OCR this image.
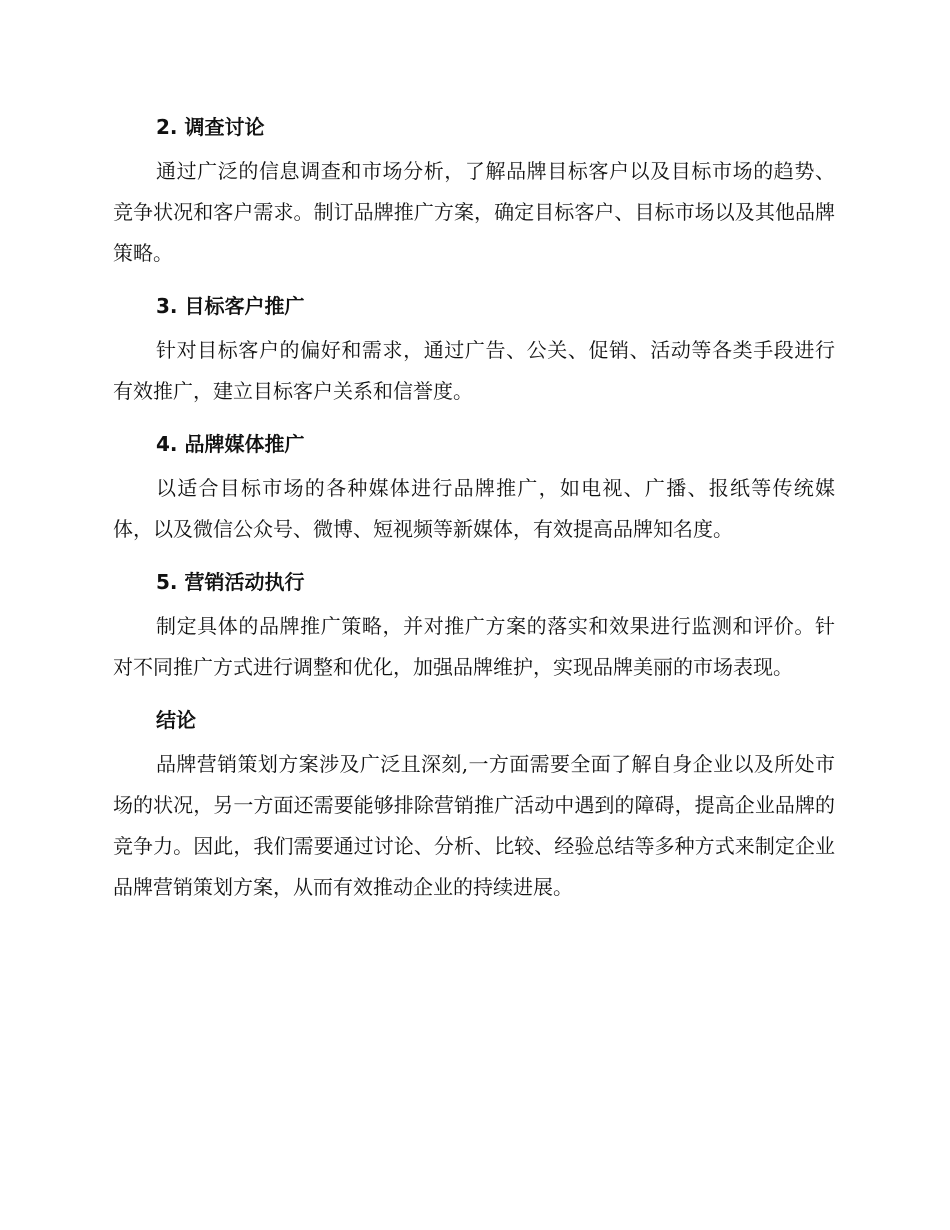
2. 调查讨论

通过广泛的信息调查和市场分析，了解品牌目标客户以及目标市场的趋势、竞争状况和客户需求。制订品牌推广方案，确定目标客户、目标市场以及其他品牌策略。

3. 目标客户推广

针对目标客户的偏好和需求，通过广告、公关、促销、活动等各类手段进行有效推广，建立目标客户关系和信誉度。

4. 品牌媒体推广

以适合目标市场的各种媒体进行品牌推广，如电视、广播、报纸等传统媒体，以及微信公众号、微博、短视频等新媒体，有效提高品牌知名度。

5. 营销活动执行

制定具体的品牌推广策略，并对推广方案的落实和效果进行监测和评价。针对不同推广方式进行调整和优化，加强品牌维护，实现品牌美丽的市场表现。

结论

品牌营销策划方案涉及广泛且深刻,一方面需要全面了解自身企业以及所处市场的状况，另一方面还需要能够排除营销推广活动中遇到的障碍，提高企业品牌的竞争力。因此，我们需要通过讨论、分析、比较、经验总结等多种方式来制定企业品牌营销策划方案，从而有效推动企业的持续进展。
